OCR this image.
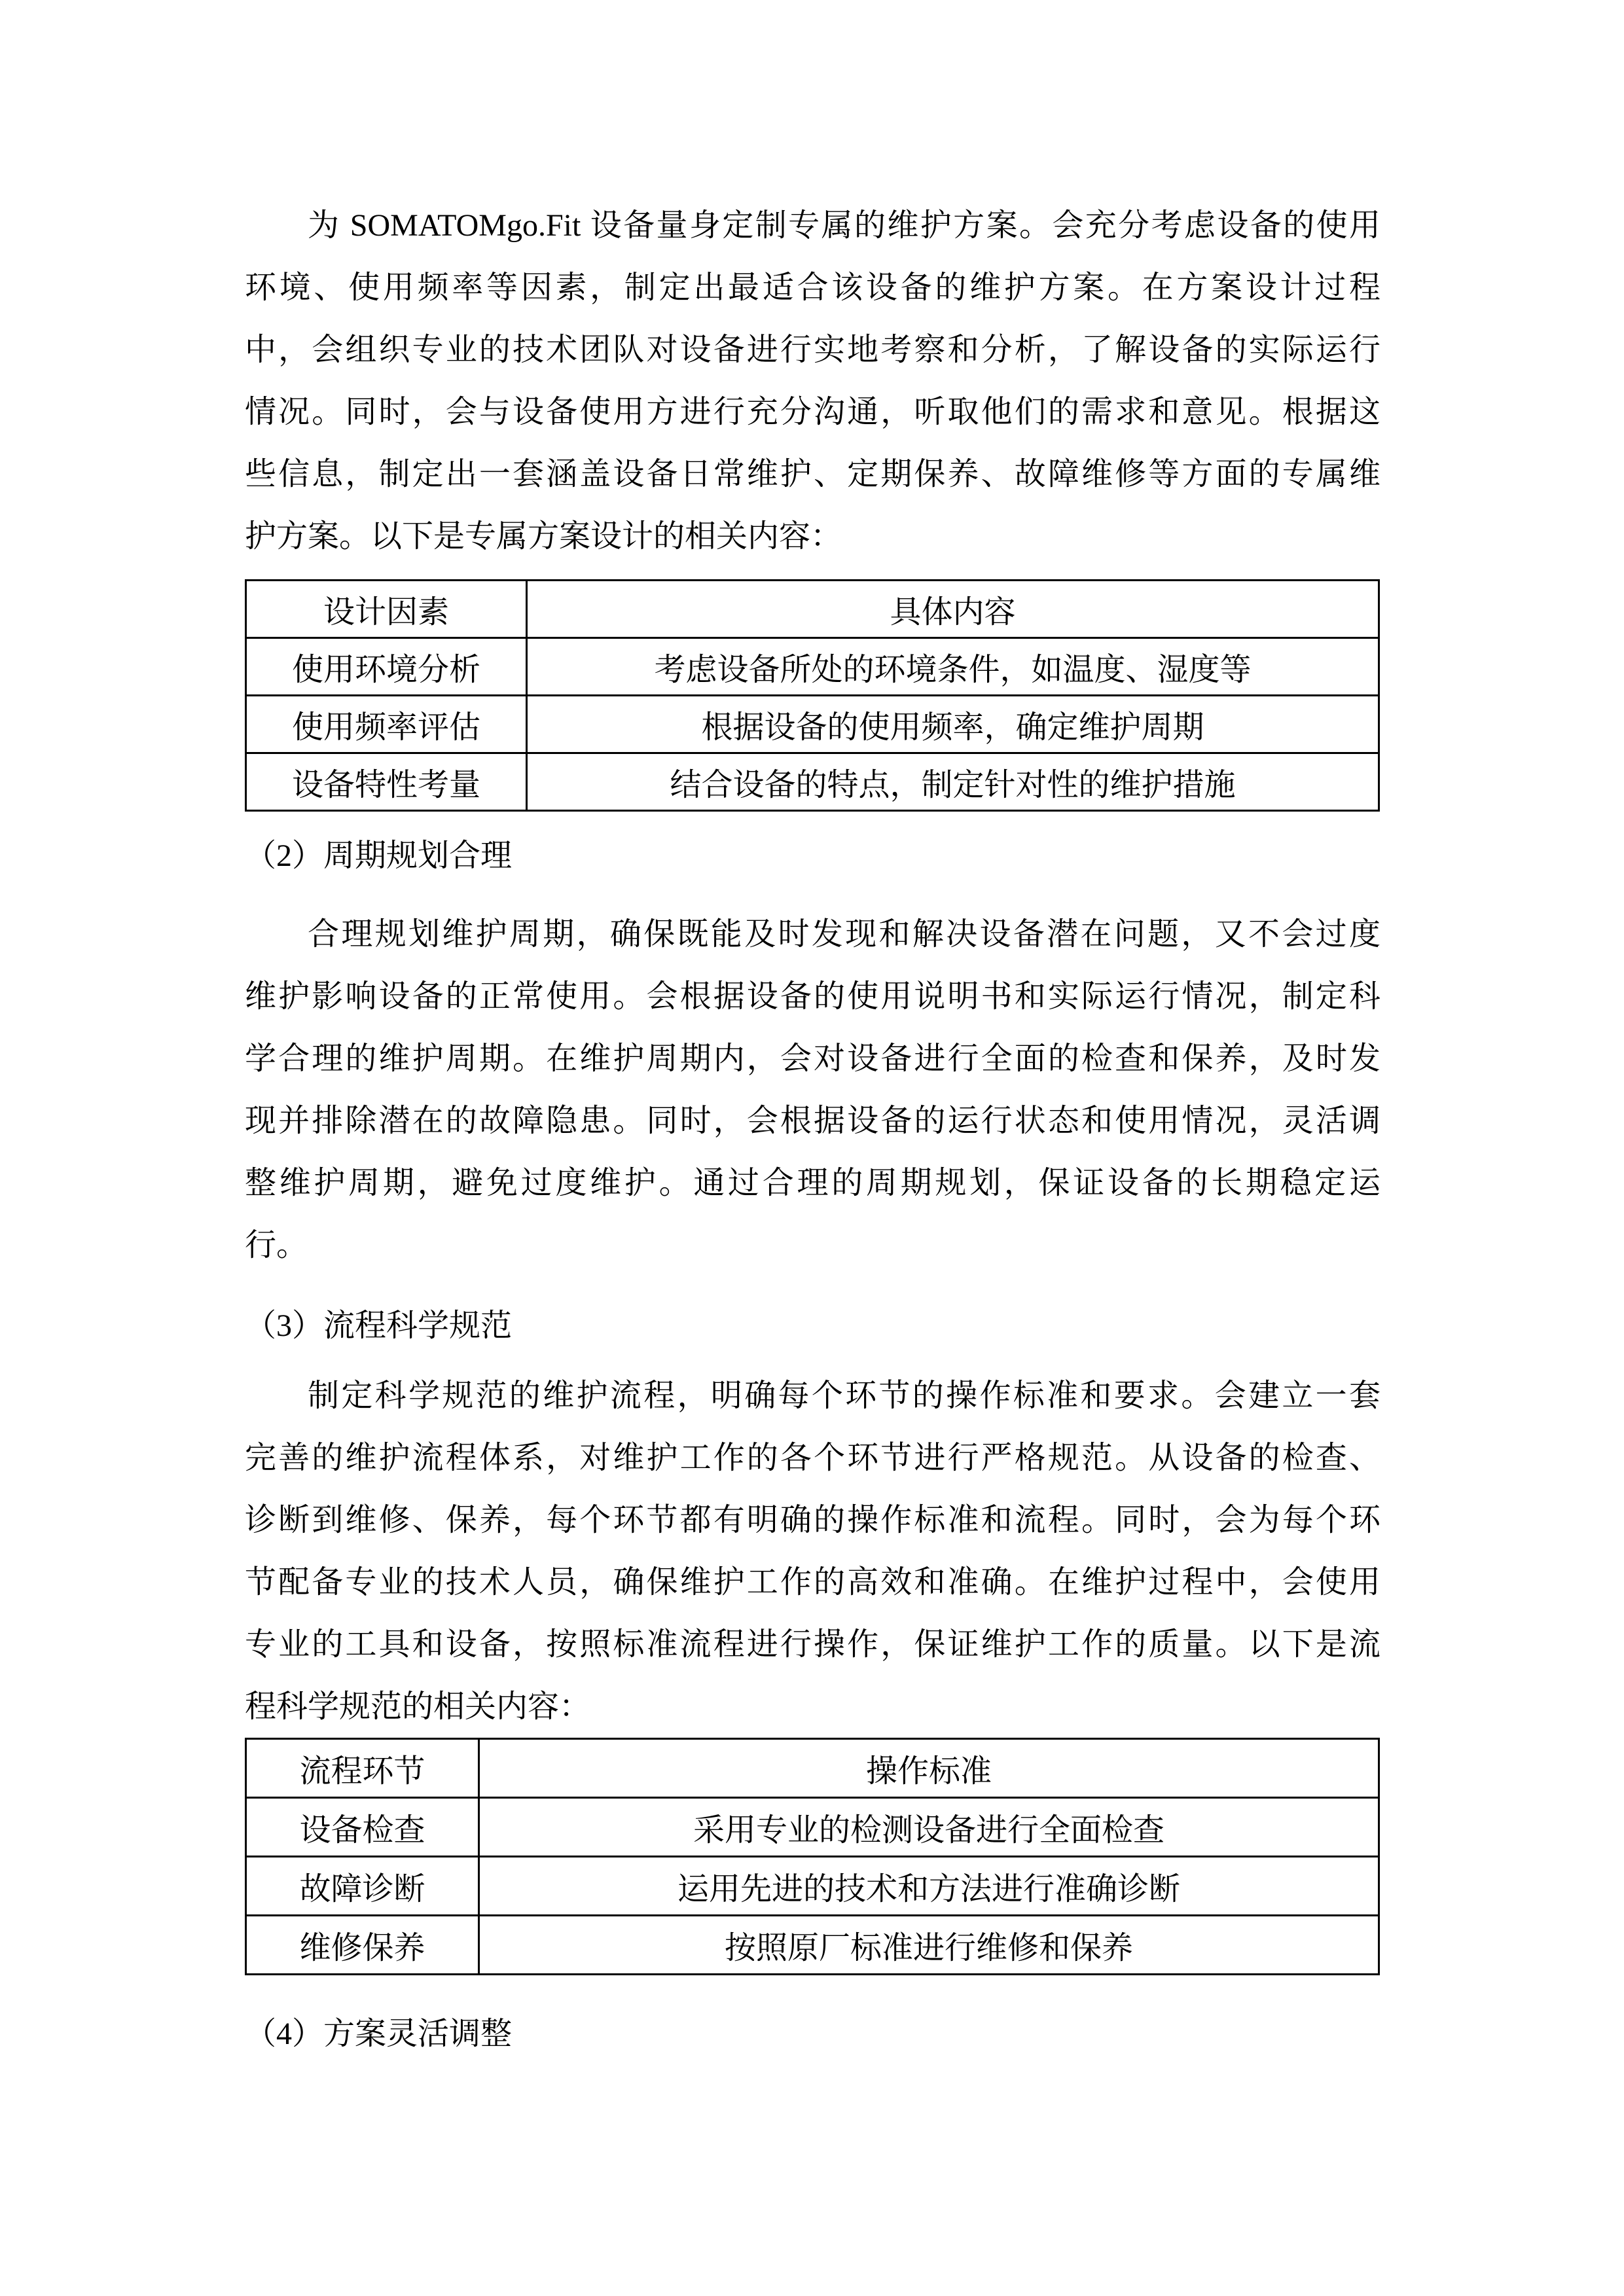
为 SOMATOMgo.Fit 设备量身定制专属的维护方案。会充分考虑设备的使用
环境、使用频率等因素，制定出最适合该设备的维护方案。在方案设计过程
中，会组织专业的技术团队对设备进行实地考察和分析，了解设备的实际运行
情况。同时，会与设备使用方进行充分沟通，听取他们的需求和意见。根据这
些信息，制定出一套涵盖设备日常维护、定期保养、故障维修等方面的专属维
护方案。以下是专属方案设计的相关内容：
设计因素	具体内容
使用环境分析	考虑设备所处的环境条件，如温度、湿度等
使用频率评估	根据设备的使用频率，确定维护周期
设备特性考量	结合设备的特点，制定针对性的维护措施
（2）周期规划合理
合理规划维护周期，确保既能及时发现和解决设备潜在问题，又不会过度
维护影响设备的正常使用。会根据设备的使用说明书和实际运行情况，制定科
学合理的维护周期。在维护周期内，会对设备进行全面的检查和保养，及时发
现并排除潜在的故障隐患。同时，会根据设备的运行状态和使用情况，灵活调
整维护周期，避免过度维护。通过合理的周期规划，保证设备的长期稳定运
行。
（3）流程科学规范
制定科学规范的维护流程，明确每个环节的操作标准和要求。会建立一套
完善的维护流程体系，对维护工作的各个环节进行严格规范。从设备的检查、
诊断到维修、保养，每个环节都有明确的操作标准和流程。同时，会为每个环
节配备专业的技术人员，确保维护工作的高效和准确。在维护过程中，会使用
专业的工具和设备，按照标准流程进行操作，保证维护工作的质量。以下是流
程科学规范的相关内容：
流程环节	操作标准
设备检查	采用专业的检测设备进行全面检查
故障诊断	运用先进的技术和方法进行准确诊断
维修保养	按照原厂标准进行维修和保养
（4）方案灵活调整
